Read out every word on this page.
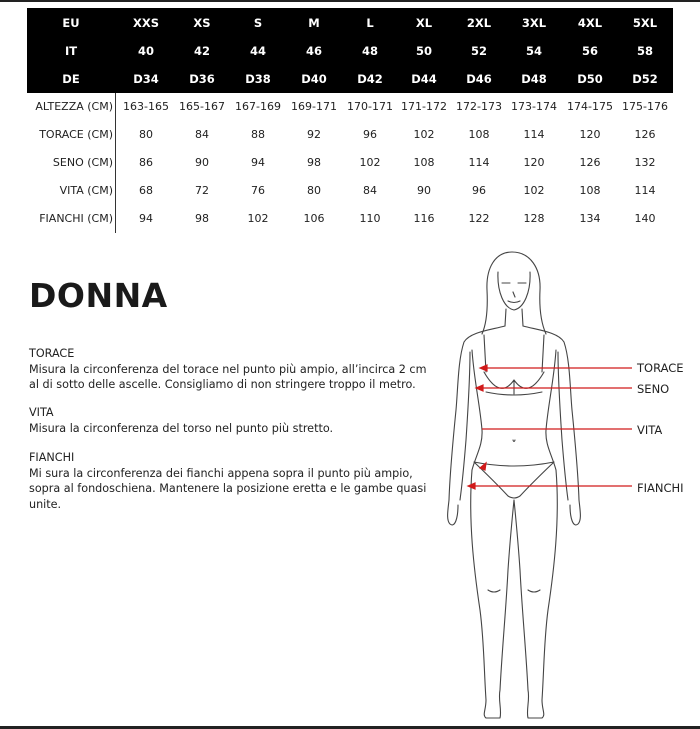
EU	XXS	XS	S	M	L	XL	2XL	3XL	4XL	5XL
IT	40	42	44	46	48	50	52	54	56	58
DE	D34	D36	D38	D40	D42	D44	D46	D48	D50	D52
ALTEZZA (CM) 163-165 165-167 167-169 169-171 170-171 171-172 172-173 173-174 174-175 175-176
TORACE (CM)	80	84	88	92	96	102	108	114	120	126
SENO (CM)	86	90	94	98	102	108	114	120	126	132
VITA (CM)	68	72	76	80	84	90	96	102	108	114
FIANCHI (CM)	94	98	102	106	110	116	122	128	134	140
DONNA
TORACE
Misura la circonferenza del torace nel punto più ampio, all’incirca 2 cm al di sotto delle ascelle. Consigliamo di non stringere troppo il metro.
VITA
Misura la circonferenza del torso nel punto più stretto.
FIANCHI
Mi sura la circonferenza dei fianchi appena sopra il punto più ampio, sopra al fondoschiena. Mantenere la posizione eretta e le gambe quasi unite.
TORACE
SENO
VITA
FIANCHI
